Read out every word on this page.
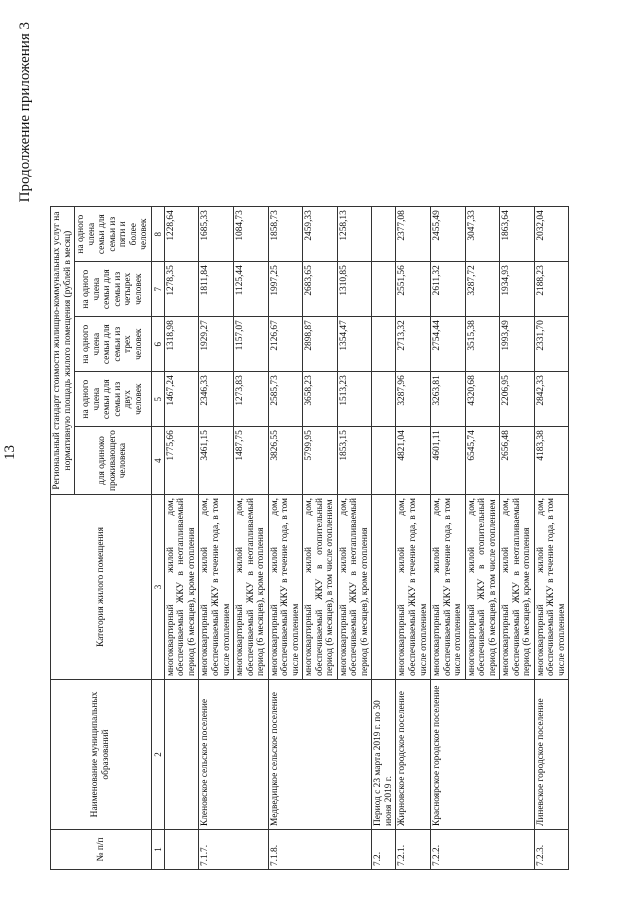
13
Продолжение приложения 3
№ п/п	Наименование муниципальных образований	Категория жилого помещения	Региональный стандарт стоимости жилищно-коммунальных услуг на нормативную площадь жилого помещения (рублей в месяц)				
			для одиноко проживающего человека	на одного члена семьи для семьи из двух человек	на одного члена семьи для семьи из трех человек	на одного члена семьи для семьи из четырех человек	на одного члена семьи для семьи из пяти и более человек
1	2	3	4	5	6	7	8
		многоквартирный жилой дом, обеспечиваемый ЖКУ в неотапливаемый период (6 месяцев), кроме отопления	1775,66	1467,24	1318,98	1278,35	1228,64
7.1.7.	Кленовское сельское поселение	многоквартирный жилой дом, обеспечиваемый ЖКУ в течение года, в том числе отоплением	3461,15	2346,33	1929,27	1811,84	1685,33
		многоквартирный жилой дом, обеспечиваемый ЖКУ в неотапливаемый период (6 месяцев), кроме отопления	1487,75	1273,83	1157,07	1125,44	1084,73
7.1.8.	Медведицкое сельское поселение	многоквартирный жилой дом, обеспечиваемый ЖКУ в течение года, в том числе отоплением	3826,55	2585,73	2126,67	1997,25	1858,73
		многоквартирный жилой дом, обеспечиваемый ЖКУ в отопительный период (6 месяцев), в том числе отоплением	5799,95	3658,23	2898,87	2683,65	2459,33
		многоквартирный жилой дом, обеспечиваемый ЖКУ в неотапливаемый период (6 месяцев), кроме отопления	1853,15	1513,23	1354,47	1310,85	1258,13
7.2.	Период с 23 марта 2019 г. по 30 июня 2019 г.						
7.2.1.	Жирновское городское поселение	многоквартирный жилой дом, обеспечиваемый ЖКУ в течение года, в том числе отоплением	4821,04	3287,96	2713,32	2551,56	2377,08
7.2.2.	Красноярское городское поселение	многоквартирный жилой дом, обеспечиваемый ЖКУ в течение года, в том числе отоплением	4601,11	3263,81	2754,44	2611,32	2455,49
		многоквартирный жилой дом, обеспечиваемый ЖКУ в отопительный период (6 месяцев), в том числе отоплением	6545,74	4320,68	3515,38	3287,72	3047,33
		многоквартирный жилой дом, обеспечиваемый ЖКУ в неотапливаемый период (6 месяцев), кроме отопления	2656,48	2206,95	1993,49	1934,93	1863,64
7.2.3.	Линевское городское поселение	многоквартирный жилой дом, обеспечиваемый ЖКУ в течение года, в том числе отоплением	4183,38	2842,33	2331,70	2188,23	2032,04
